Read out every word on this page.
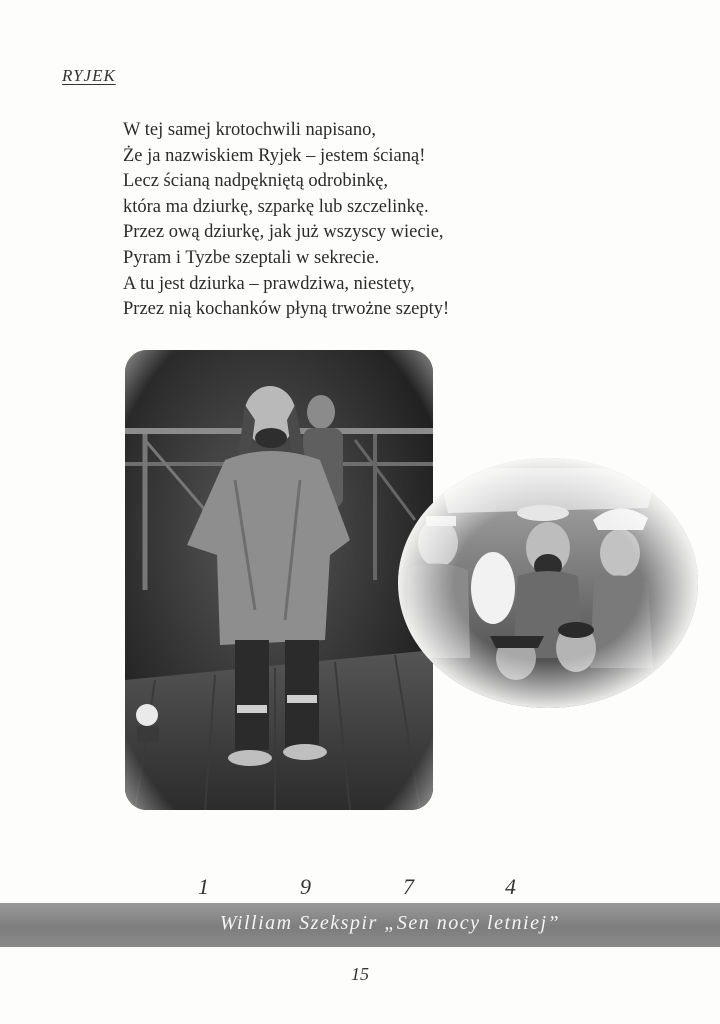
RYJEK
W tej samej krotochwili napisano,
Że ja nazwiskiem Ryjek – jestem ścianą!
Lecz ścianą nadpękniętą odrobinkę,
która ma dziurkę, szparkę lub szczelinkę.
Przez ową dziurkę, jak już wszyscy wiecie,
Pyram i Tyzbe szeptali w sekrecie.
A tu jest dziurka – prawdziwa, niestety,
Przez nią kochanków płyną trwożne szepty!
1	9	7	4
William Szekspir „Sen nocy letniej”
15
